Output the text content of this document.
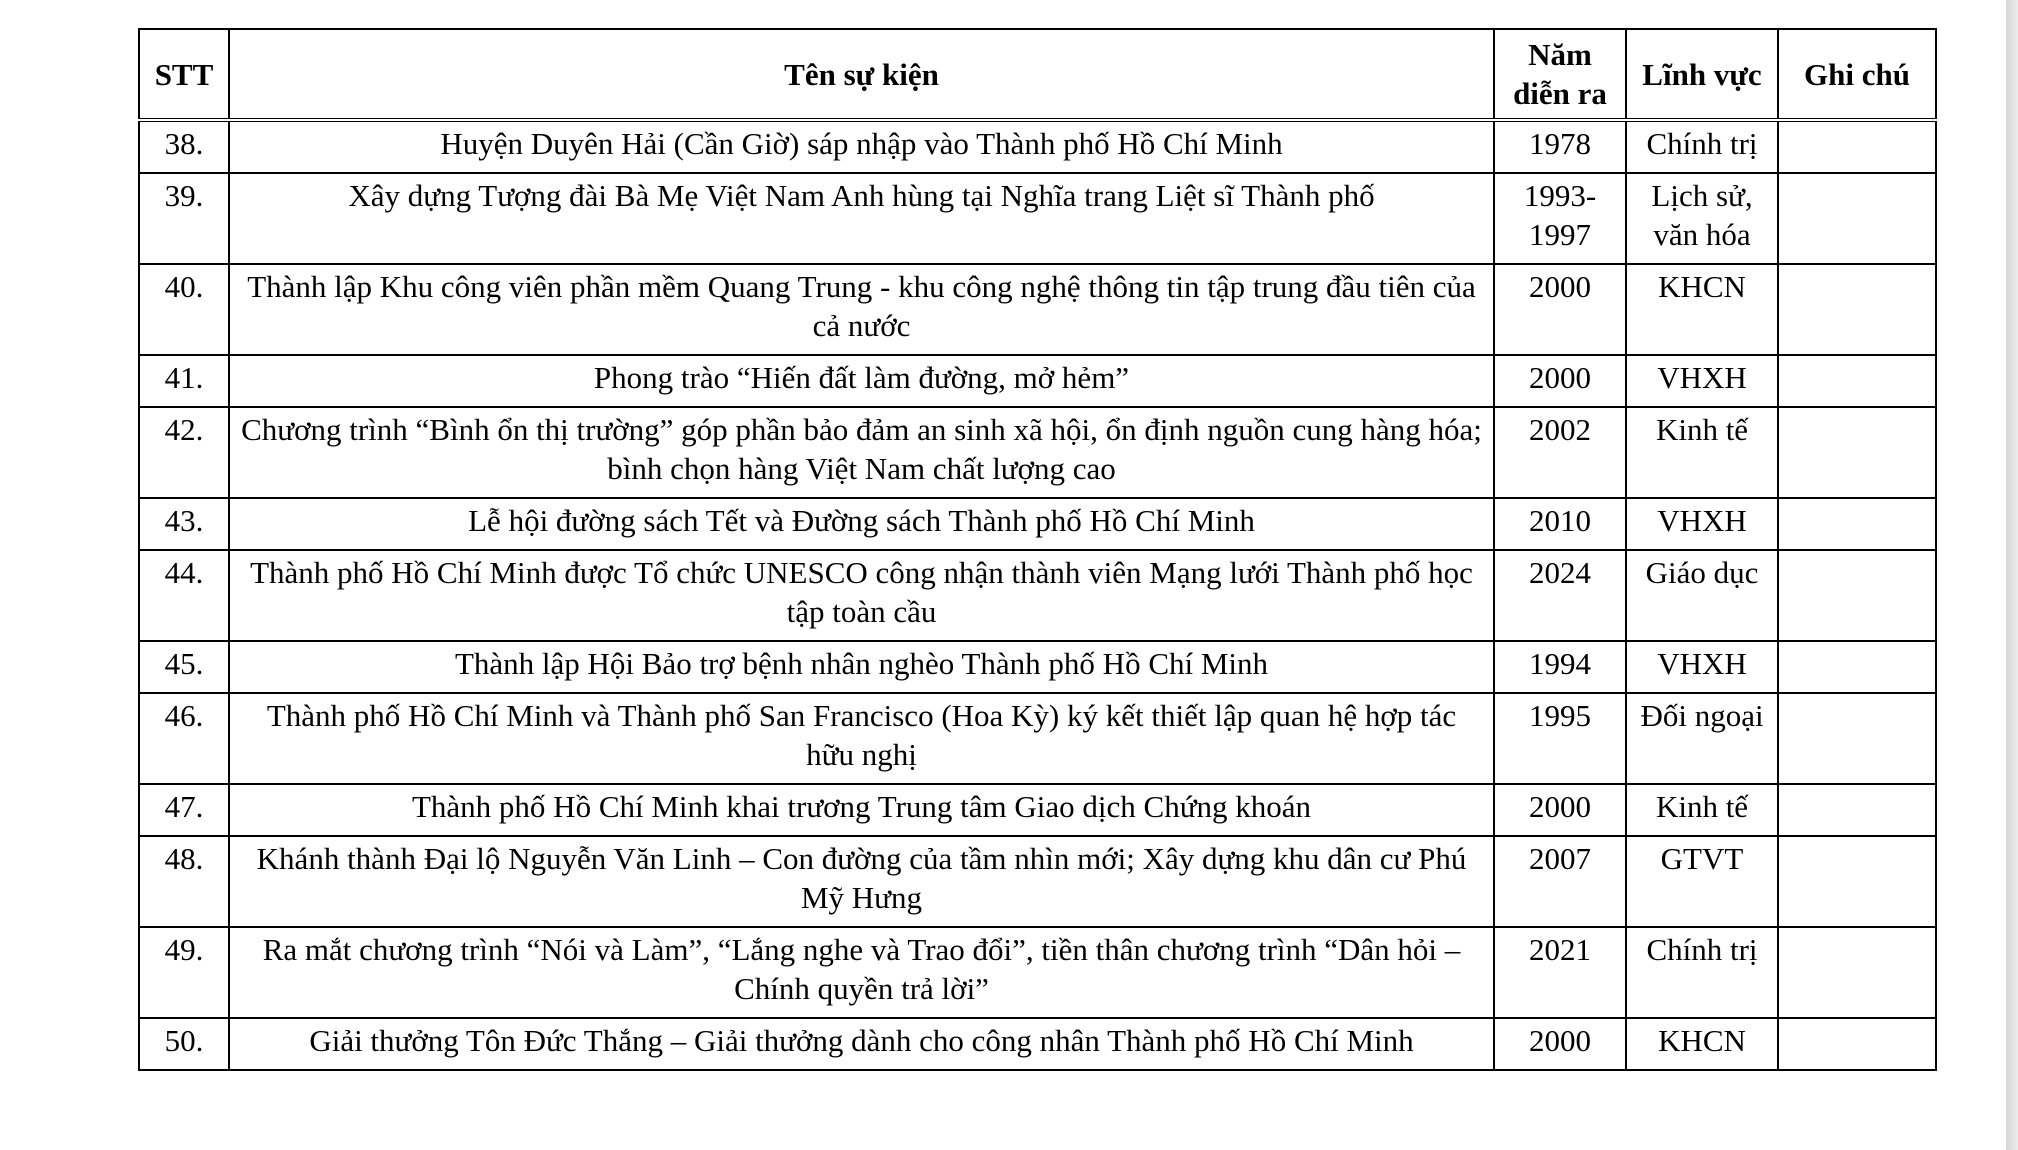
STT	Tên sự kiện	Năm diễn ra	Lĩnh vực	Ghi chú
38.	Huyện Duyên Hải (Cần Giờ) sáp nhập vào Thành phố Hồ Chí Minh	1978	Chính trị	
39.	Xây dựng Tượng đài Bà Mẹ Việt Nam Anh hùng tại Nghĩa trang Liệt sĩ Thành phố	1993-1997	Lịch sử, văn hóa	
40.	Thành lập Khu công viên phần mềm Quang Trung - khu công nghệ thông tin tập trung đầu tiên của cả nước	2000	KHCN	
41.	Phong trào “Hiến đất làm đường, mở hẻm”	2000	VHXH	
42.	Chương trình “Bình ổn thị trường” góp phần bảo đảm an sinh xã hội, ổn định nguồn cung hàng hóa; bình chọn hàng Việt Nam chất lượng cao	2002	Kinh tế	
43.	Lễ hội đường sách Tết và Đường sách Thành phố Hồ Chí Minh	2010	VHXH	
44.	Thành phố Hồ Chí Minh được Tổ chức UNESCO công nhận thành viên Mạng lưới Thành phố học tập toàn cầu	2024	Giáo dục	
45.	Thành lập Hội Bảo trợ bệnh nhân nghèo Thành phố Hồ Chí Minh	1994	VHXH	
46.	Thành phố Hồ Chí Minh và Thành phố San Francisco (Hoa Kỳ) ký kết thiết lập quan hệ hợp tác hữu nghị	1995	Đối ngoại	
47.	Thành phố Hồ Chí Minh khai trương Trung tâm Giao dịch Chứng khoán	2000	Kinh tế	
48.	Khánh thành Đại lộ Nguyễn Văn Linh – Con đường của tầm nhìn mới; Xây dựng khu dân cư Phú Mỹ Hưng	2007	GTVT	
49.	Ra mắt chương trình “Nói và Làm”, “Lắng nghe và Trao đổi”, tiền thân chương trình “Dân hỏi – Chính quyền trả lời”	2021	Chính trị	
50.	Giải thưởng Tôn Đức Thắng – Giải thưởng dành cho công nhân Thành phố Hồ Chí Minh	2000	KHCN	
